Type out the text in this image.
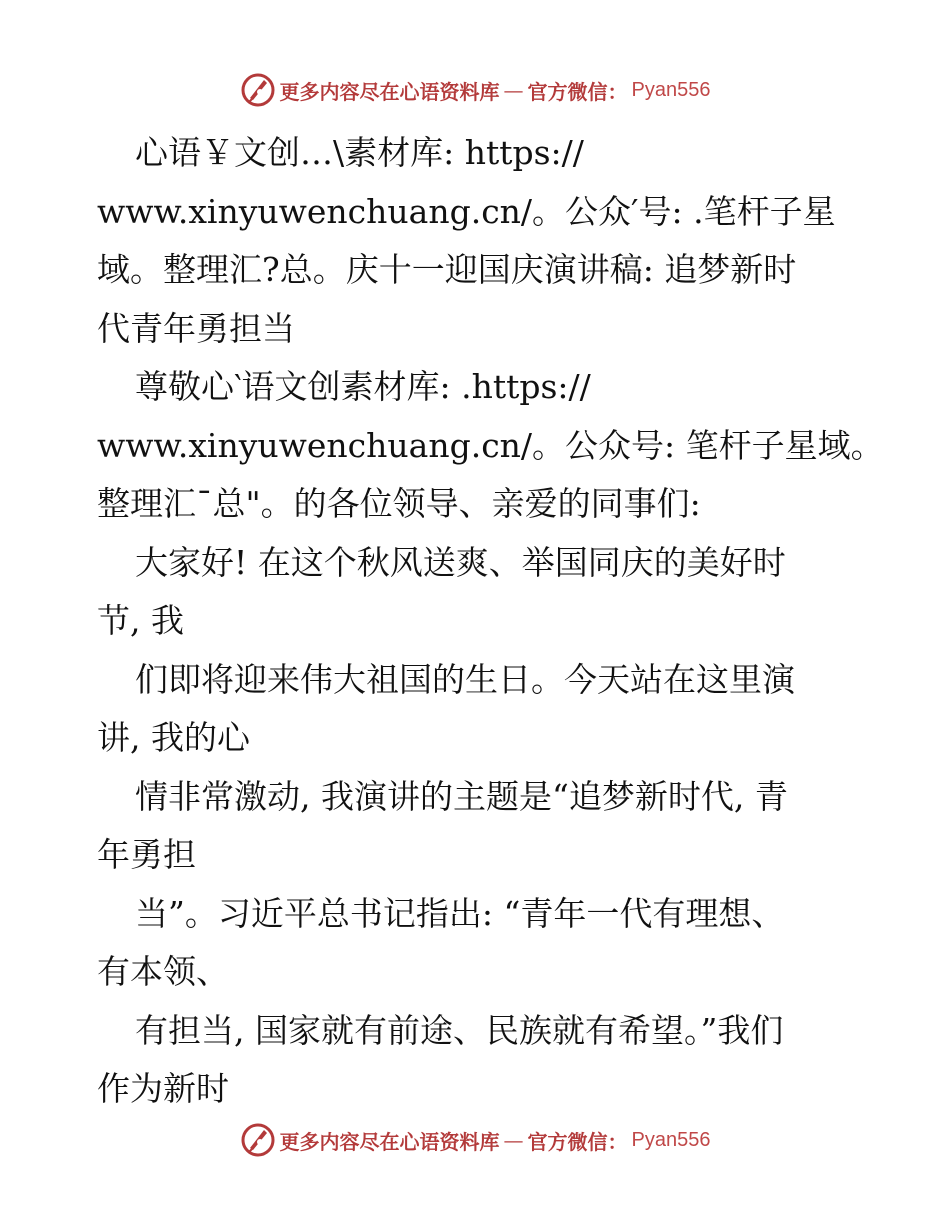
更多内容尽在心语资料库 — 官方微信： Pyan556
心语￥文创…\素材库: https://
www.xinyuwenchuang.cn/。公众′号: .笔杆子星
域。整理汇?总。庆十一迎国庆演讲稿: 追梦新时
代青年勇担当
尊敬心‵语文创素材库: .https://
www.xinyuwenchuang.cn/。公众号: 笔杆子星域。
整理汇¯总"。的各位领导、亲爱的同事们:
大家好! 在这个秋风送爽、举国同庆的美好时
节, 我
们即将迎来伟大祖国的生日。今天站在这里演
讲, 我的心
情非常激动, 我演讲的主题是“追梦新时代, 青
年勇担
当”。习近平总书记指出: “青年一代有理想、
有本领、
有担当, 国家就有前途、民族就有希望。”我们
作为新时
更多内容尽在心语资料库 — 官方微信： Pyan556
